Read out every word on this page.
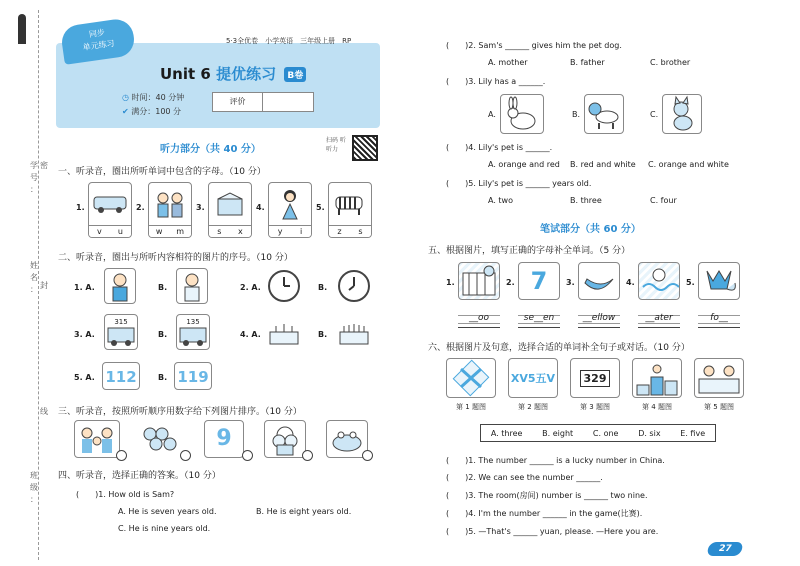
学
号
：
姓
名
：
班
级
：
线
封
密
5·3全优卷　小学英语　三年级上册　RP
同步
单元练习
Unit 6 提优练习 B卷
◷ 时间：40 分钟
✔ 满分：100 分
评价
听力部分（共 40 分）
扫码 听听力
一、听录音，圈出所听单词中包含的字母。（10 分）
1.
v u
2.
w m
3.
s x
4.
y i
5.
z s
二、听录音，圈出与所听内容相符的图片的序号。（10 分）
1. A.	B.	2. A.	B.
3. A.
315
B.
135
4. A.	B.
5. A. 112	B. 119
三、听录音，按照所听顺序用数字给下列图片排序。（10 分）
9
四、听录音，选择正确的答案。（10 分）
(　　)1. How old is Sam?
A. He is seven years old.	B. He is eight years old.
C. He is nine years old.
(　　)2. Sam's ______ gives him the pet dog.
A. mother	B. father	C. brother
(　　)3. Lily has a ______.
A.	B.	C.
(　　)4. Lily's pet is ______.
A. orange and red B. red and white C. orange and white
(　　)5. Lily's pet is ______ years old.
A. two	B. three	C. four
笔试部分（共 60 分）
五、根据图片，填写正确的字母补全单词。（5 分）
1.	2. 7	3.	4.	5.
__oo	se__en	__ellow	__ater	fo__
六、根据图片及句意，选择合适的单词补全句子或对话。（10 分）
ⅩⅤ5五Ⅴ	329
第 1 题图	第 2 题图	第 3 题图	第 4 题图	第 5 题图
A. three B. eight C. one D. six E. five
(　　)1. The number ______ is a lucky number in China.
(　　)2. We can see the number ______.
(　　)3. The room(房间) number is ______ two nine.
(　　)4. I'm the number ______ in the game(比赛).
(　　)5. —That's ______ yuan, please. —Here you are.
27
